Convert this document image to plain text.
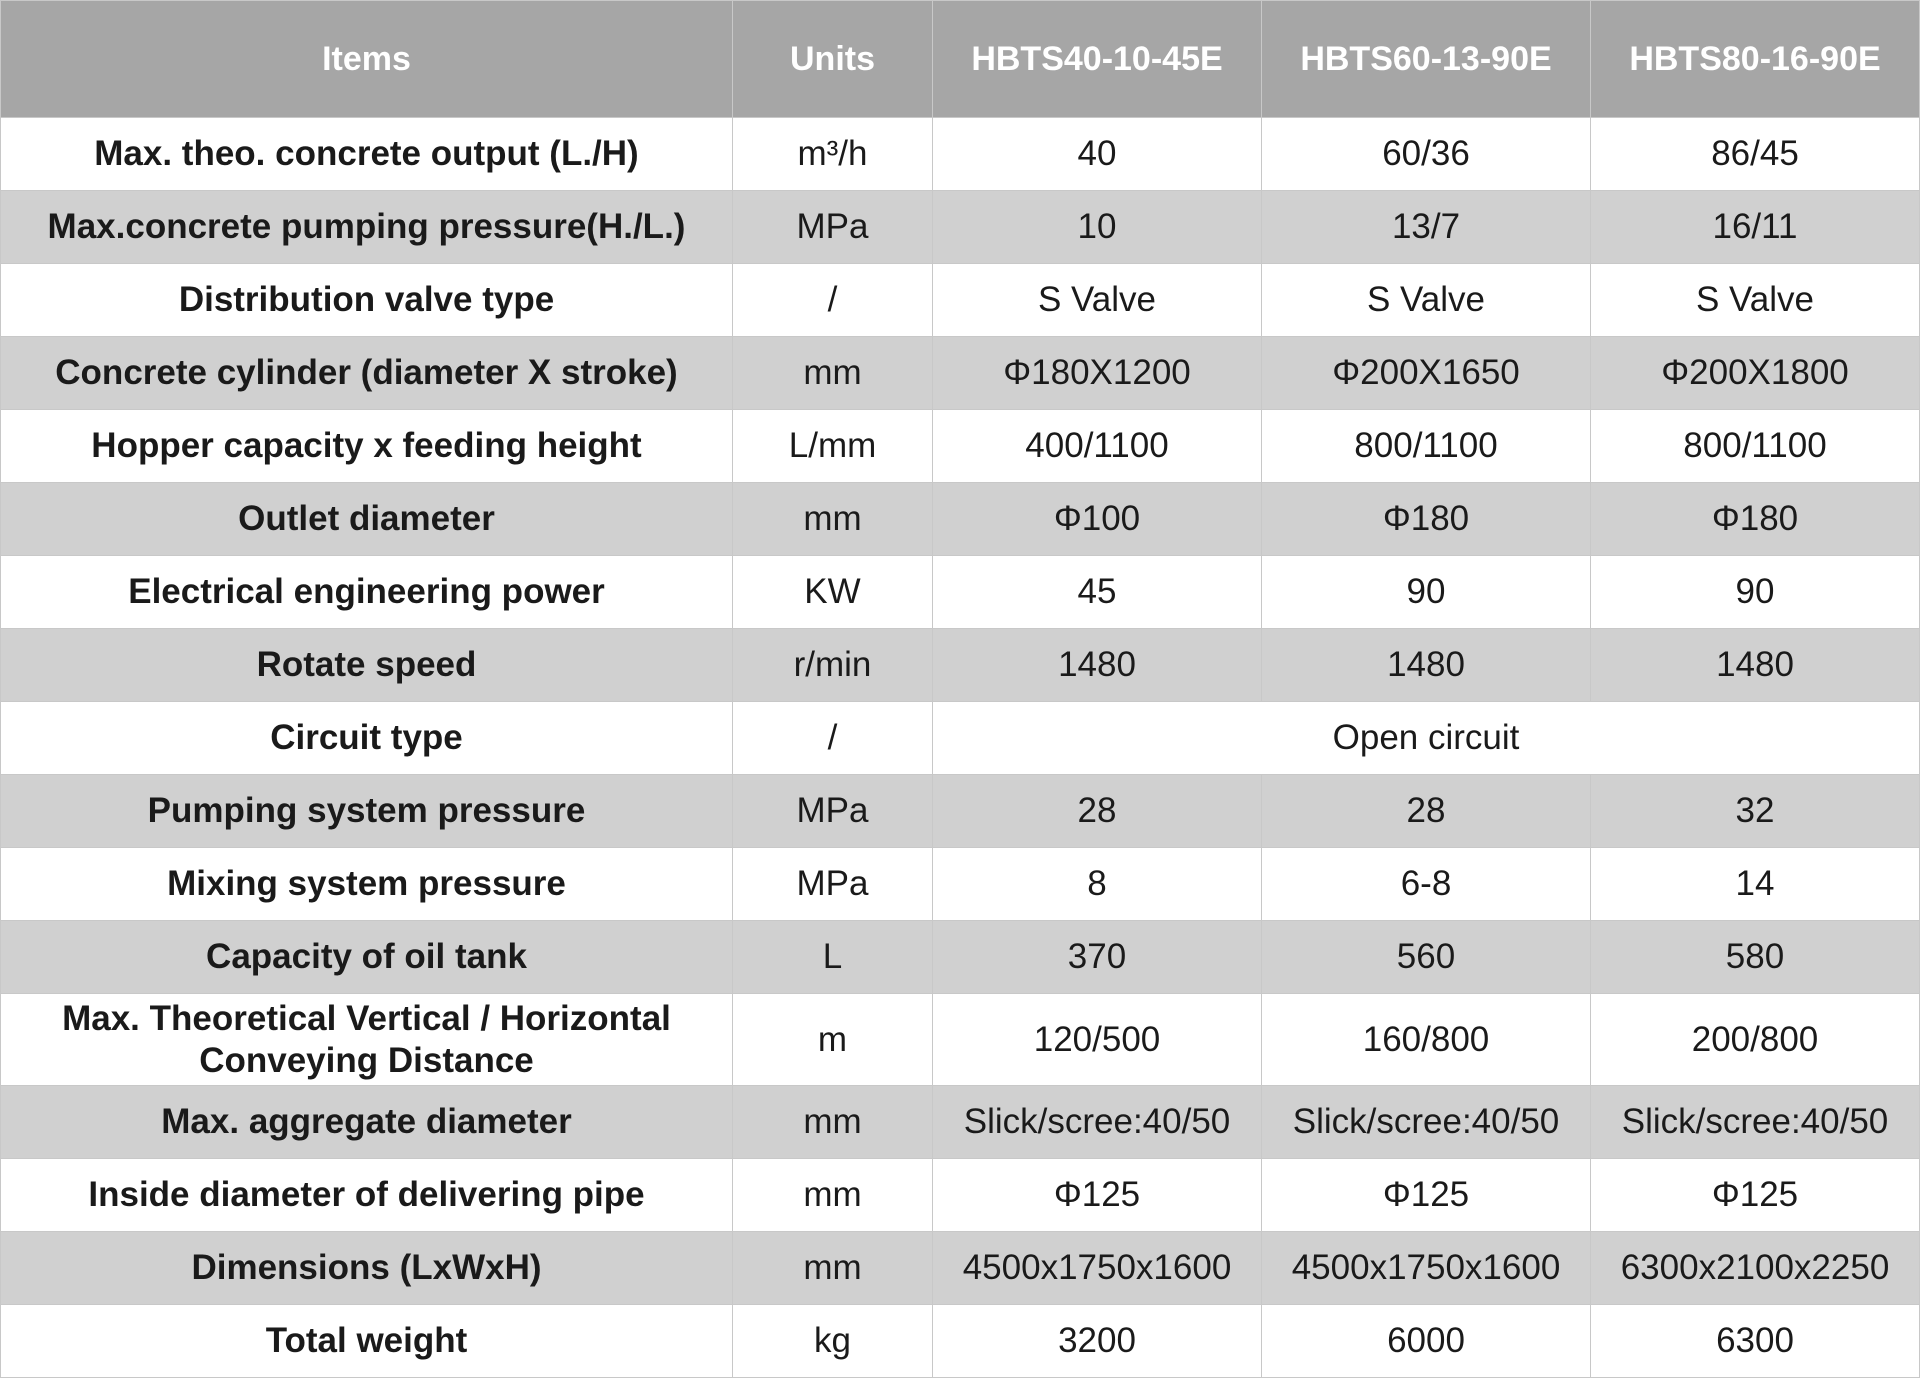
Items	Units	HBTS40-10-45E	HBTS60-13-90E	HBTS80-16-90E
Max. theo. concrete output (L./H)	m³/h	40	60/36	86/45
Max.concrete pumping pressure(H./L.)	MPa	10	13/7	16/11
Distribution valve type	/	S Valve	S Valve	S Valve
Concrete cylinder (diameter X stroke)	mm	Φ180X1200	Φ200X1650	Φ200X1800
Hopper capacity x feeding height	L/mm	400/1100	800/1100	800/1100
Outlet diameter	mm	Φ100	Φ180	Φ180
Electrical engineering power	KW	45	90	90
Rotate speed	r/min	1480	1480	1480
Circuit type	/	Open circuit		
Pumping system pressure	MPa	28	28	32
Mixing system pressure	MPa	8	6-8	14
Capacity of oil tank	L	370	560	580
Max. Theoretical Vertical / Horizontal Conveying Distance	m	120/500	160/800	200/800
Max. aggregate diameter	mm	Slick/scree:40/50	Slick/scree:40/50	Slick/scree:40/50
Inside diameter of delivering pipe	mm	Φ125	Φ125	Φ125
Dimensions (LxWxH)	mm	4500x1750x1600	4500x1750x1600	6300x2100x2250
Total weight	kg	3200	6000	6300
